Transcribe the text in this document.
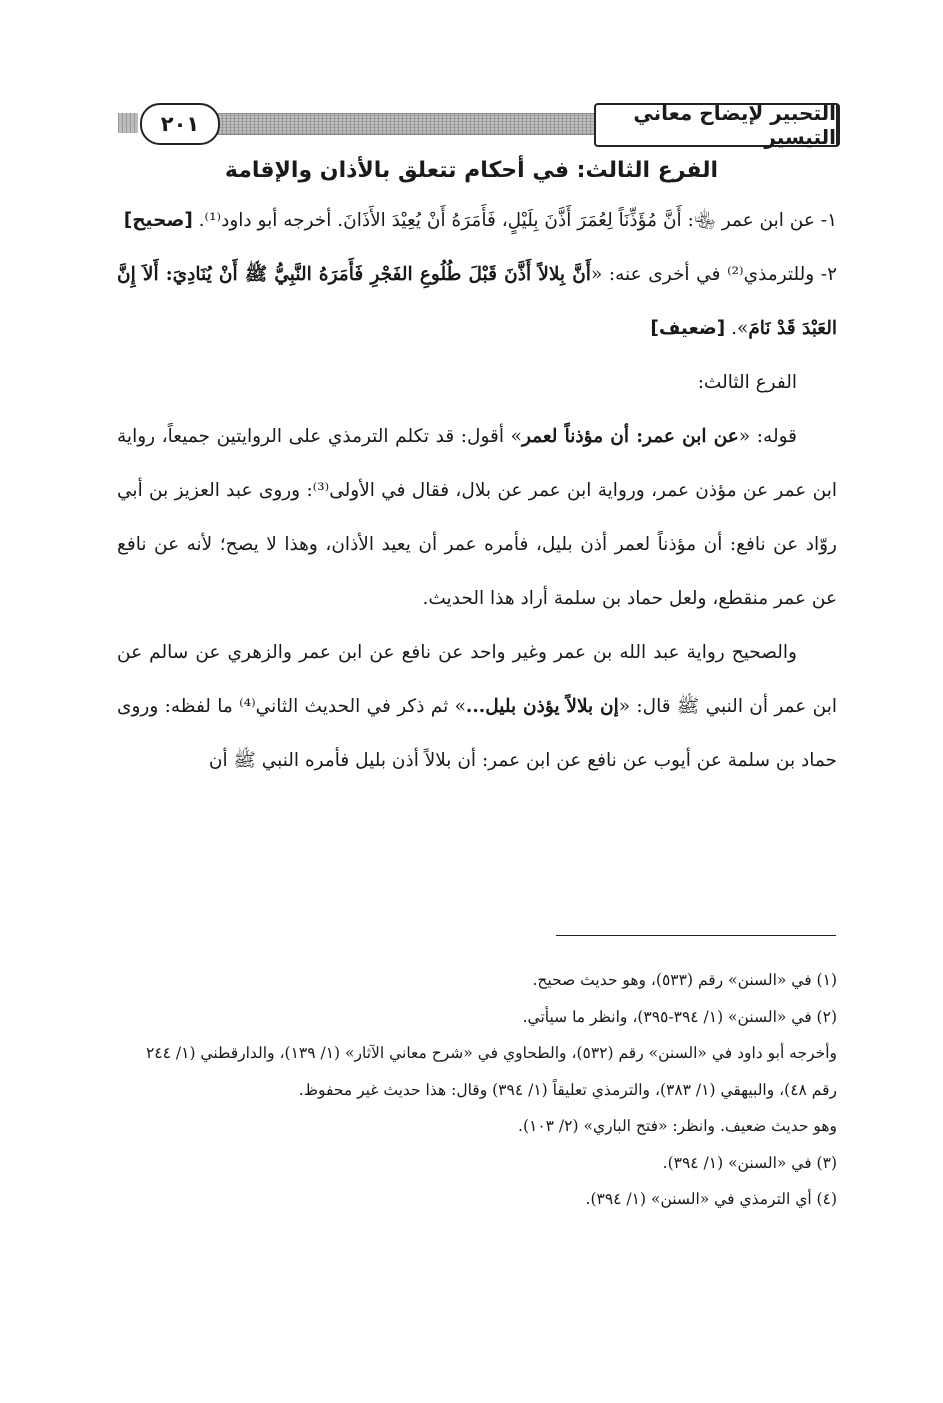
٢٠١	التحبير لإيضاح معاني التيسير
الفرع الثالث: في أحكام تتعلق بالأذان والإقامة

١- عن ابن عمر ﵄: أَنَّ مُؤَذِّنَاً لِعُمَرَ أَذَّنَ بِلَيْلٍ، فَأَمَرَهُ أَنْ يُعِيْدَ الأَذَانَ. أخرجه أبو داود⁽¹⁾. [صحيح]

٢- وللترمذي⁽²⁾ في أخرى عنه: «أَنَّ بِلالاً أَذَّنَ قَبْلَ طُلُوعِ الفَجْرِ فَأَمَرَهُ النَّبِيُّ ﷺ أَنْ يُنَادِيَ: أَلاَ إِنَّ العَبْدَ قَدْ نَامَ». [ضعيف]

الفرع الثالث:

قوله: «عن ابن عمر: أن مؤذناً لعمر» أقول: قد تكلم الترمذي على الروايتين جميعاً، رواية ابن عمر عن مؤذن عمر، ورواية ابن عمر عن بلال، فقال في الأولى⁽³⁾: وروى عبد العزيز بن أبي روّاد عن نافع: أن مؤذناً لعمر أذن بليل، فأمره عمر أن يعيد الأذان، وهذا لا يصح؛ لأنه عن نافع عن عمر منقطع، ولعل حماد بن سلمة أراد هذا الحديث.

والصحيح رواية عبد الله بن عمر وغير واحد عن نافع عن ابن عمر والزهري عن سالم عن ابن عمر أن النبي ﷺ قال: «إن بلالاً يؤذن بليل...» ثم ذكر في الحديث الثاني⁽⁴⁾ ما لفظه: وروى حماد بن سلمة عن أيوب عن نافع عن ابن عمر: أن بلالاً أذن بليل فأمره النبي ﷺ أن

(١) في «السنن» رقم (٥٣٣)، وهو حديث صحيح.

(٢) في «السنن» (١/ ٣٩٤-٣٩٥)، وانظر ما سيأتي.

وأخرجه أبو داود في «السنن» رقم (٥٣٢)، والطحاوي في «شرح معاني الآثار» (١/ ١٣٩)، والدارقطني (١/ ٢٤٤ رقم ٤٨)، والبيهقي (١/ ٣٨٣)، والترمذي تعليقاً (١/ ٣٩٤) وقال: هذا حديث غير محفوظ.

وهو حديث ضعيف. وانظر: «فتح الباري» (٢/ ١٠٣).

(٣) في «السنن» (١/ ٣٩٤).

(٤) أي الترمذي في «السنن» (١/ ٣٩٤).
